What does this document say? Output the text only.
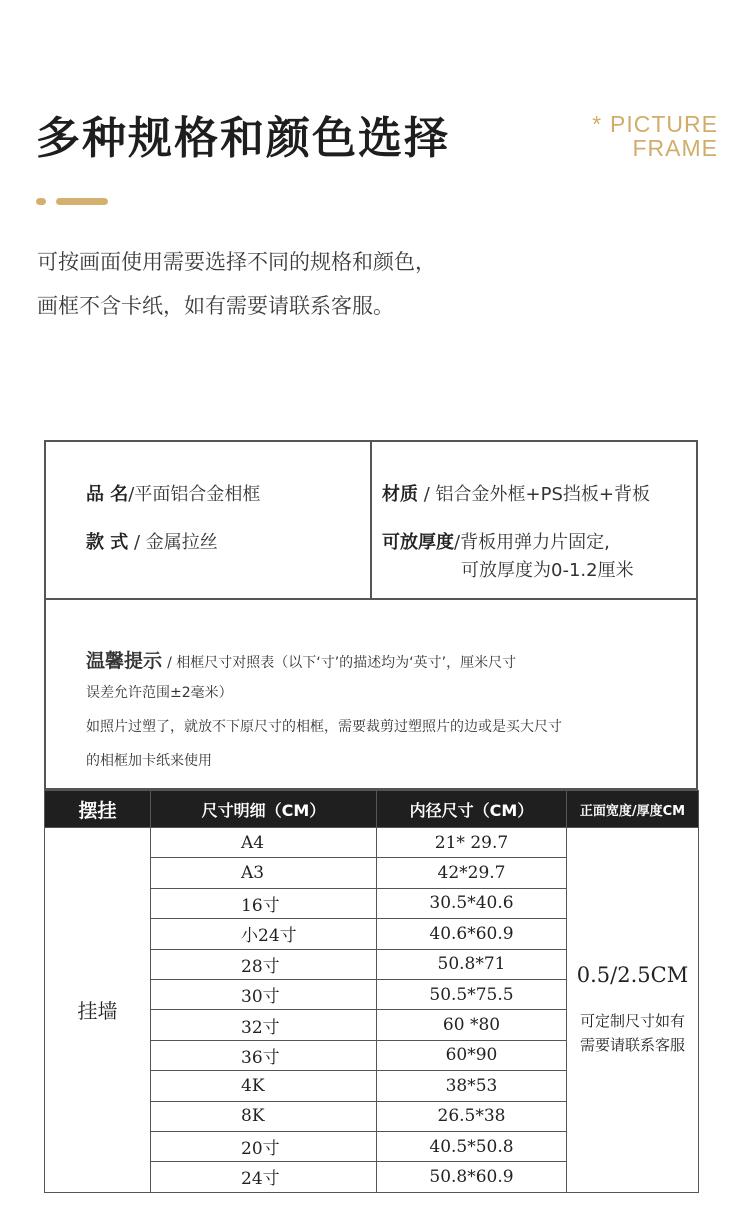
多种规格和颜色选择	* PICTURE
FRAME
可按画面使用需要选择不同的规格和颜色，
画框不含卡纸，如有需要请联系客服。
品 名/平面铝合金相框
款 式 / 金属拉丝
材质 / 铝合金外框+PS挡板+背板
可放厚度/背板用弹力片固定,
可放厚度为0-1.2厘米
温馨提示 / 相框尺寸对照表（以下‘寸’的描述均为‘英寸’，厘米尺寸
误差允许范围±2毫米）
如照片过塑了，就放不下原尺寸的相框，需要裁剪过塑照片的边或是买大尺寸
的相框加卡纸来使用
摆挂	尺寸明细（CM）	内径尺寸（CM）	正面宽度/厚度CM
挂墙	A4	21* 29.7	0.5/2.5CM
可定制尺寸如有
需要请联系客服

	A3	42*29.7	
	16寸	30.5*40.6	
	小24寸	40.6*60.9	
	28寸	50.8*71	
	30寸	50.5*75.5	
	32寸	60 *80	
	36寸	60*90	
	4K	38*53	
	8K	26.5*38	
	20寸	40.5*50.8	
	24寸	50.8*60.9	
